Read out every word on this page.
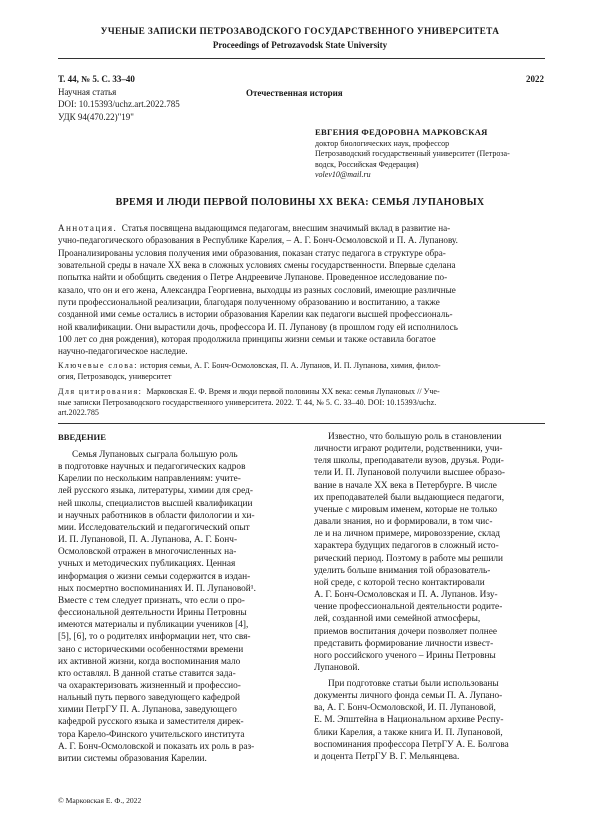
УЧЕНЫЕ ЗАПИСКИ ПЕТРОЗАВОДСКОГО ГОСУДАРСТВЕННОГО УНИВЕРСИТЕТА
Proceedings of Petrozavodsk State University
Т. 44, № 5. С. 33–40
Научная статья
DOI: 10.15393/uchz.art.2022.785
УДК 94(470.22)"19"
2022
Отечественная история
ЕВГЕНИЯ ФЕДОРОВНА МАРКОВСКАЯ
доктор биологических наук, профессор
Петрозаводский государственный университет (Петроза-
водск, Российская Федерация)
volev10@mail.ru
ВРЕМЯ И ЛЮДИ ПЕРВОЙ ПОЛОВИНЫ XX ВЕКА: СЕМЬЯ ЛУПАНОВЫХ
Аннотация. Статья посвящена выдающимся педагогам, внесшим значимый вклад в развитие на-
учно-педагогического образования в Республике Карелия, – А. Г. Бонч-Осмоловской и П. А. Лупанову.
Проанализированы условия получения ими образования, показан статус педагога в структуре обра-
зовательной среды в начале XX века в сложных условиях смены государственности. Впервые сделана
попытка найти и обобщить сведения о Петре Андреевиче Лупанове. Проведенное исследование по-
казало, что он и его жена, Александра Георгиевна, выходцы из разных сословий, имеющие различные
пути профессиональной реализации, благодаря полученному образованию и воспитанию, а также
созданной ими семье остались в истории образования Карелии как педагоги высшей профессиональ-
ной квалификации. Они вырастили дочь, профессора И. П. Лупанову (в прошлом году ей исполнилось
100 лет со дня рождения), которая продолжила принципы жизни семьи и также оставила богатое
научно-педагогическое наследие.
Ключевые слова: история семьи, А. Г. Бонч-Осмоловская, П. А. Лупанов, И. П. Лупанова, химия, филол-
огия, Петрозаводск, университет
Для цитирования: Марковская Е. Ф. Время и люди первой половины XX века: семья Лупановых // Уче-
ные записки Петрозаводского государственного университета. 2022. Т. 44, № 5. С. 33–40. DOI: 10.15393/uchz.
art.2022.785
ВВЕДЕНИЕ
Семья Лупановых сыграла большую роль
в подготовке научных и педагогических кадров
Карелии по нескольким направлениям: учите-
лей русского языка, литературы, химии для сред-
ней школы, специалистов высшей квалификации
и научных работников в области филологии и хи-
мии. Исследовательский и педагогический опыт
И. П. Лупановой, П. А. Лупанова, А. Г. Бонч-
Осмоловской отражен в многочисленных на-
учных и методических публикациях. Ценная
информация о жизни семьи содержится в издан-
ных посмертно воспоминаниях И. П. Лупановой¹.
Вместе с тем следует признать, что если о про-
фессиональной деятельности Ирины Петровны
имеются материалы и публикации учеников [4],
[5], [6], то о родителях информации нет, что свя-
зано с историческими особенностями времени
их активной жизни, когда воспоминания мало
кто оставлял. В данной статье ставится зада-
ча охарактеризовать жизненный и профессио-
нальный путь первого заведующего кафедрой
химии ПетрГУ П. А. Лупанова, заведующего
кафедрой русского языка и заместителя дирек-
тора Карело-Финского учительского института
А. Г. Бонч-Осмоловской и показать их роль в раз-
витии системы образования Карелии.
Известно, что большую роль в становлении
личности играют родители, родственники, учи-
теля школы, преподаватели вузов, друзья. Роди-
тели И. П. Лупановой получили высшее образо-
вание в начале XX века в Петербурге. В числе
их преподавателей были выдающиеся педагоги,
ученые с мировым именем, которые не только
давали знания, но и формировали, в том чис-
ле и на личном примере, мировоззрение, склад
характера будущих педагогов в сложный исто-
рический период. Поэтому в работе мы решили
уделить больше внимания той образователь-
ной среде, с которой тесно контактировали
А. Г. Бонч-Осмоловская и П. А. Лупанов. Изу-
чение профессиональной деятельности родите-
лей, созданной ими семейной атмосферы,
приемов воспитания дочери позволяет полнее
представить формирование личности извест-
ного российского ученого – Ирины Петровны
Лупановой.
При подготовке статьи были использованы
документы личного фонда семьи П. А. Лупано-
ва, А. Г. Бонч-Осмоловской, И. П. Лупановой,
Е. М. Эпштейна в Национальном архиве Респу-
блики Карелия, а также книга И. П. Лупановой,
воспоминания профессора ПетрГУ А. Е. Болгова
и доцента ПетрГУ В. Г. Мельянцева.
© Марковская Е. Ф., 2022
